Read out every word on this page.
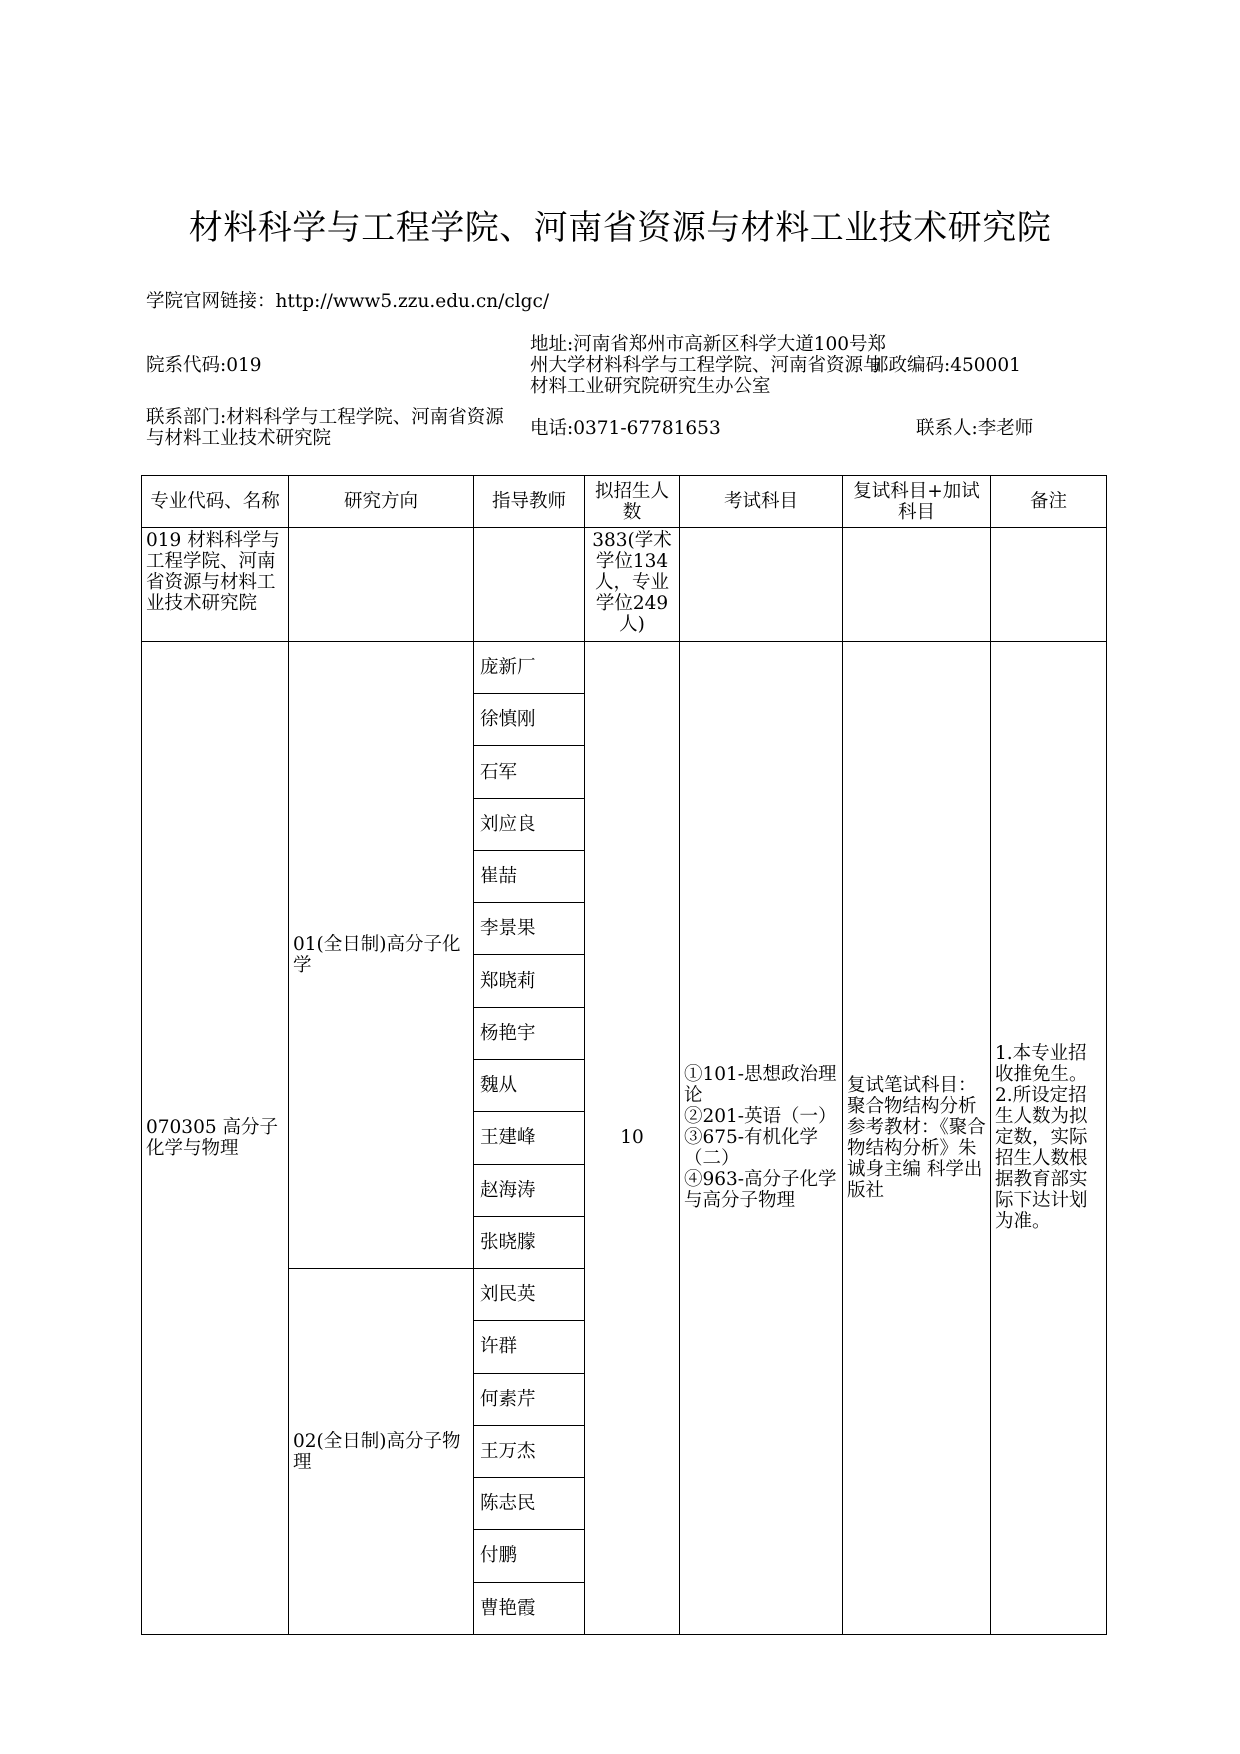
材料科学与工程学院、河南省资源与材料工业技术研究院
学院官网链接：http://www5.zzu.edu.cn/clgc/
院系代码:019
地址:河南省郑州市高新区科学大道100号郑州大学材料科学与工程学院、河南省资源与材料工业研究院研究生办公室
邮政编码:450001
联系部门:材料科学与工程学院、河南省资源与材料工业技术研究院	电话:0371-67781653	联系人:李老师
专业代码、名称	研究方向	指导教师	拟招生人数	考试科目	复试科目+加试科目	备注
019 材料科学与工程学院、河南省资源与材料工业技术研究院			383(学术学位134人，专业学位249人)			
070305 高分子化学与物理	01(全日制)高分子化学	庞新厂	10	①101-思想政治理论
②201-英语（一）
③675-有机化学（二）
④963-高分子化学与高分子物理	复试笔试科目：聚合物结构分析参考教材：《聚合物结构分析》朱诚身主编 科学出版社	1.本专业招收推免生。2.所设定招生人数为拟定数，实际招生人数根据教育部实际下达计划为准。
		徐慎刚				
		石军				
		刘应良				
		崔喆				
		李景果				
		郑晓莉				
		杨艳宇				
		魏从				
		王建峰				
		赵海涛				
		张晓朦				
	02(全日制)高分子物理	刘民英				
		许群				
		何素芹				
		王万杰				
		陈志民				
		付鹏				
		曹艳霞				
